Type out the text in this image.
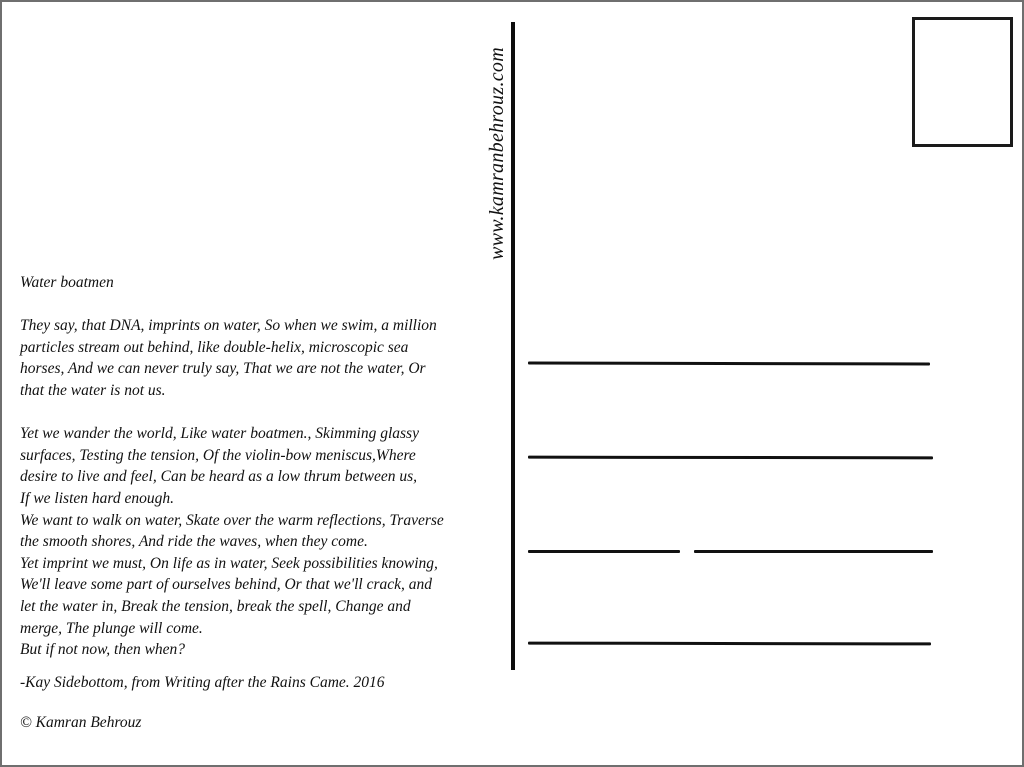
www.kamranbehrouz.com

Water boatmen

They say, that DNA, imprints on water, So when we swim, a million

particles stream out behind, like double-helix, microscopic sea

horses, And we can never truly say, That we are not the water, Or

that the water is not us.

Yet we wander the world, Like water boatmen., Skimming glassy

surfaces, Testing the tension, Of the violin-bow meniscus,Where

desire to live and feel, Can be heard as a low thrum between us,

If we listen hard enough.

We want to walk on water, Skate over the warm reflections, Traverse

the smooth shores, And ride the waves, when they come.

Yet imprint we must, On life as in water, Seek possibilities knowing,

We'll leave some part of ourselves behind, Or that we'll crack, and

let the water in, Break the tension, break the spell, Change and

merge, The plunge will come.

But if not now, then when?

-Kay Sidebottom, from Writing after the Rains Came. 2016
© Kamran Behrouz
